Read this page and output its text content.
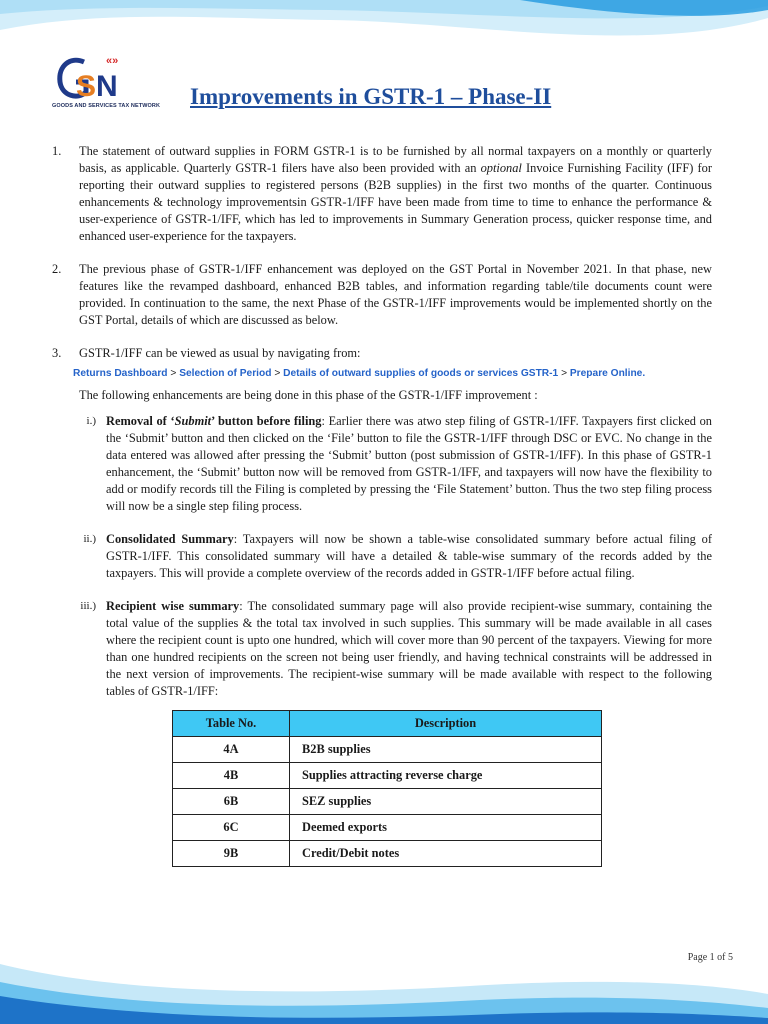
S N
«»
GOODS AND SERVICES TAX NETWORK Improvements in GSTR-1 – Phase-II
1.	The statement of outward supplies in FORM GSTR-1 is to be furnished by all normal taxpayers on a monthly or quarterly basis, as applicable. Quarterly GSTR-1 filers have also been provided with an optional Invoice Furnishing Facility (IFF) for reporting their outward supplies to registered persons (B2B supplies) in the first two months of the quarter. Continuous enhancements & technology improvementsin GSTR-1/IFF have been made from time to time to enhance the performance & user-experience of GSTR-1/IFF, which has led to improvements in Summary Generation process, quicker response time, and enhanced user-experience for the taxpayers.
2.	The previous phase of GSTR-1/IFF enhancement was deployed on the GST Portal in November 2021. In that phase, new features like the revamped dashboard, enhanced B2B tables, and information regarding table/tile documents count were provided. In continuation to the same, the next Phase of the GSTR-1/IFF improvements would be implemented shortly on the GST Portal, details of which are discussed as below.
3.	GSTR-1/IFF can be viewed as usual by navigating from:
Returns Dashboard > Selection of Period > Details of outward supplies of goods or services GSTR-1 > Prepare Online.
The following enhancements are being done in this phase of the GSTR-1/IFF improvement :
i.) Removal of ‘Submit’ button before filing: Earlier there was atwo step filing of GSTR-1/IFF. Taxpayers first clicked on the ‘Submit’ button and then clicked on the ‘File’ button to file the GSTR-1/IFF through DSC or EVC. No change in the data entered was allowed after pressing the ‘Submit’ button (post submission of GSTR-1/IFF). In this phase of GSTR-1 enhancement, the ‘Submit’ button now will be removed from GSTR-1/IFF, and taxpayers will now have the flexibility to add or modify records till the Filing is completed by pressing the ‘File Statement’ button. Thus the two step filing process will now be a single step filing process.
ii.) Consolidated Summary: Taxpayers will now be shown a table-wise consolidated summary before actual filing of GSTR-1/IFF. This consolidated summary will have a detailed & table-wise summary of the records added by the taxpayers. This will provide a complete overview of the records added in GSTR-1/IFF before actual filing.
iii.) Recipient wise summary: The consolidated summary page will also provide recipient-wise summary, containing the total value of the supplies & the total tax involved in such supplies. This summary will be made available in all cases where the recipient count is upto one hundred, which will cover more than 90 percent of the taxpayers. Viewing for more than one hundred recipients on the screen not being user friendly, and having technical constraints will be addressed in the next version of improvements. The recipient-wise summary will be made available with respect to the following tables of GSTR-1/IFF:
Table No.	Description
4A	B2B supplies
4B	Supplies attracting reverse charge
6B	SEZ supplies
6C	Deemed exports
9B	Credit/Debit notes
Page 1 of 5
